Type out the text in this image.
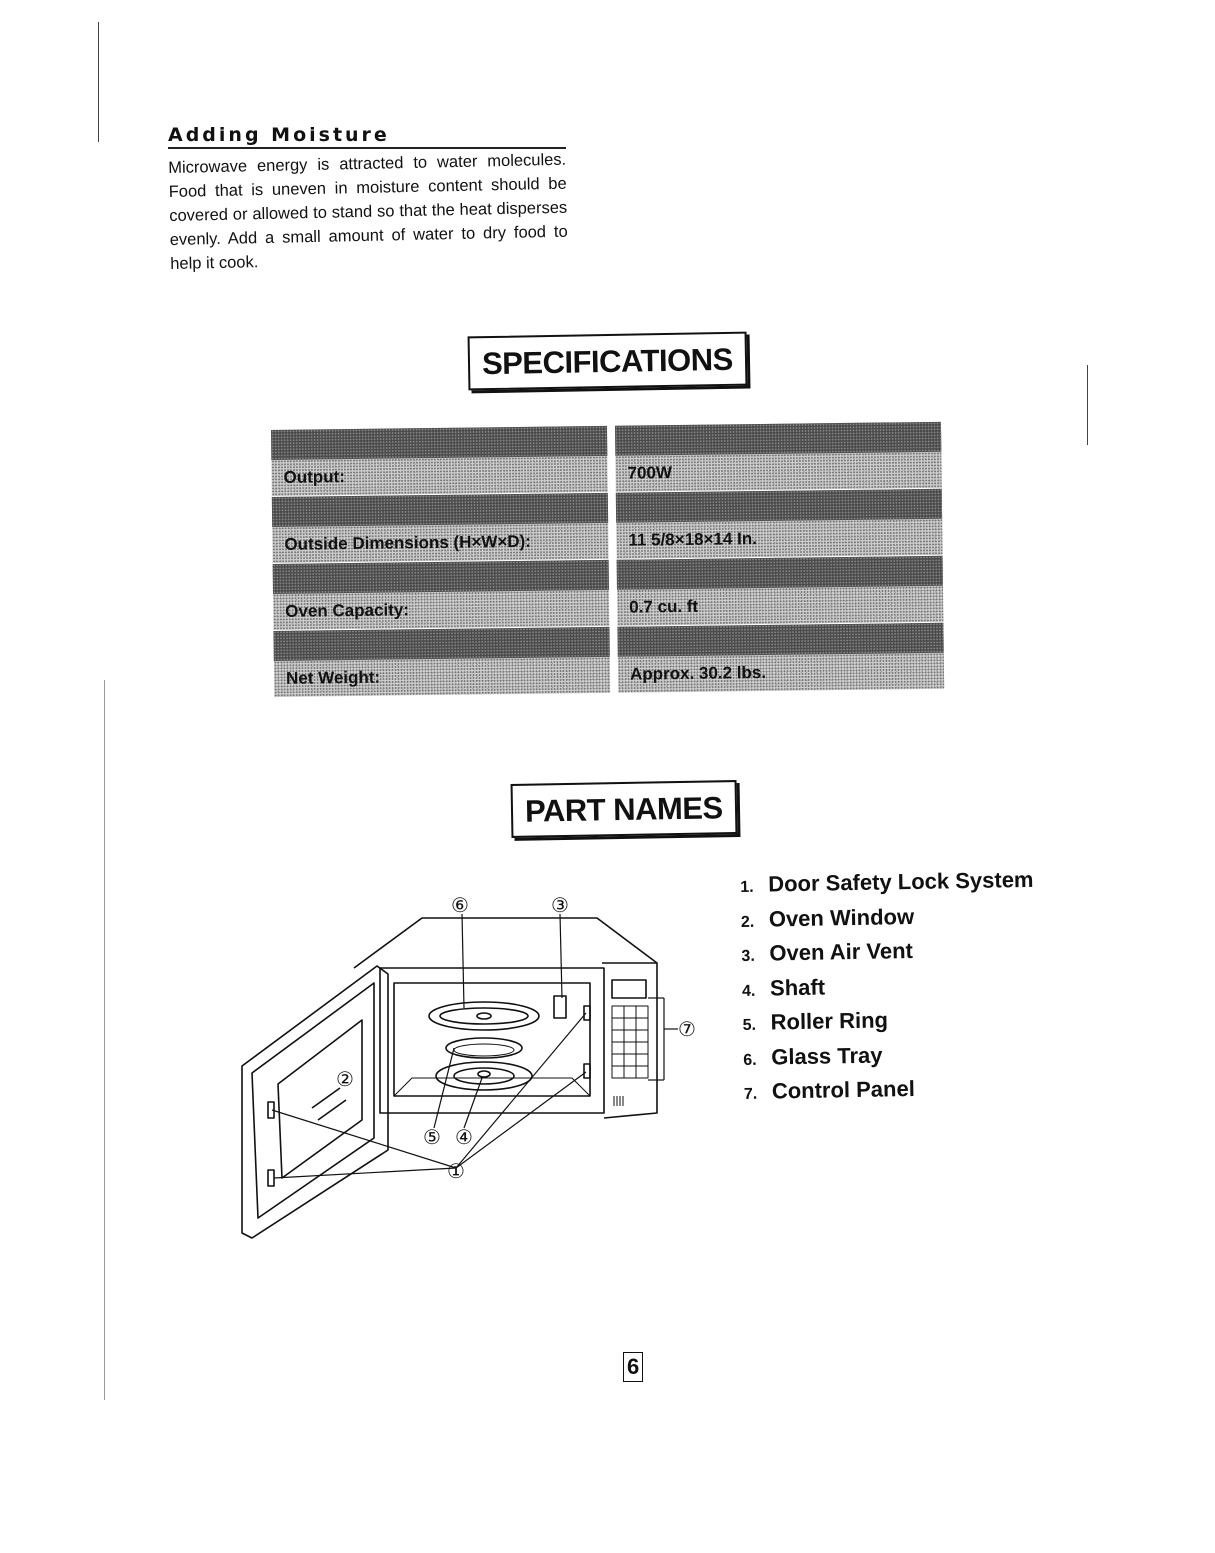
Adding Moisture
Microwave energy is attracted to water molecules. Food that is uneven in moisture content should be covered or allowed to stand so that the heat disperses evenly. Add a small amount of water to dry food to help it cook.
SPECIFICATIONS
Output:	700W
Outside Dimensions (H×W×D):	11 5/8×18×14 In.
Oven Capacity:	0.7 cu. ft
Net Weight:	Approx. 30.2 lbs.
PART NAMES
①
②
③
④
⑤
⑥
⑦
1. Door Safety Lock System
2. Oven Window
3. Oven Air Vent
4. Shaft
5. Roller Ring
6. Glass Tray
7. Control Panel
6
